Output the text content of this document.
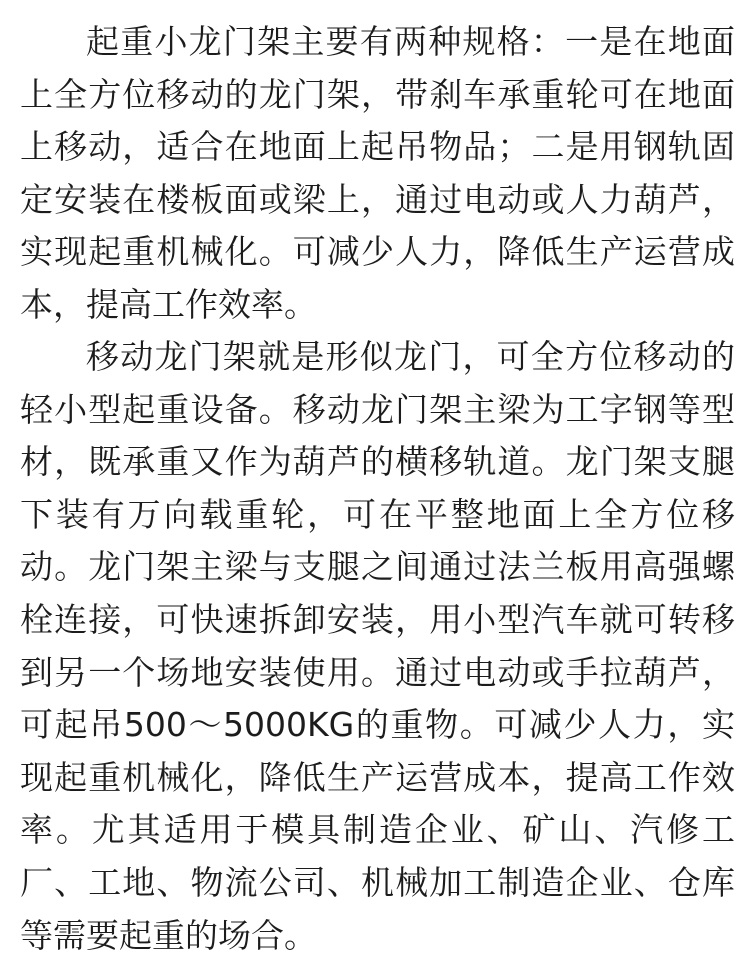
起重小龙门架主要有两种规格：一是在地面上全方位移动的龙门架，带刹车承重轮可在地面上移动，适合在地面上起吊物品；二是用钢轨固定安装在楼板面或梁上，通过电动或人力葫芦，实现起重机械化。可减少人力，降低生产运营成本，提高工作效率。

移动龙门架就是形似龙门，可全方位移动的轻小型起重设备。移动龙门架主梁为工字钢等型材，既承重又作为葫芦的横移轨道。龙门架支腿下装有万向载重轮，可在平整地面上全方位移动。龙门架主梁与支腿之间通过法兰板用高强螺栓连接，可快速拆卸安装，用小型汽车就可转移到另一个场地安装使用。通过电动或手拉葫芦，可起吊500～5000KG的重物。可减少人力，实现起重机械化，降低生产运营成本，提高工作效率。尤其适用于模具制造企业、矿山、汽修工厂、工地、物流公司、机械加工制造企业、仓库等需要起重的场合。
